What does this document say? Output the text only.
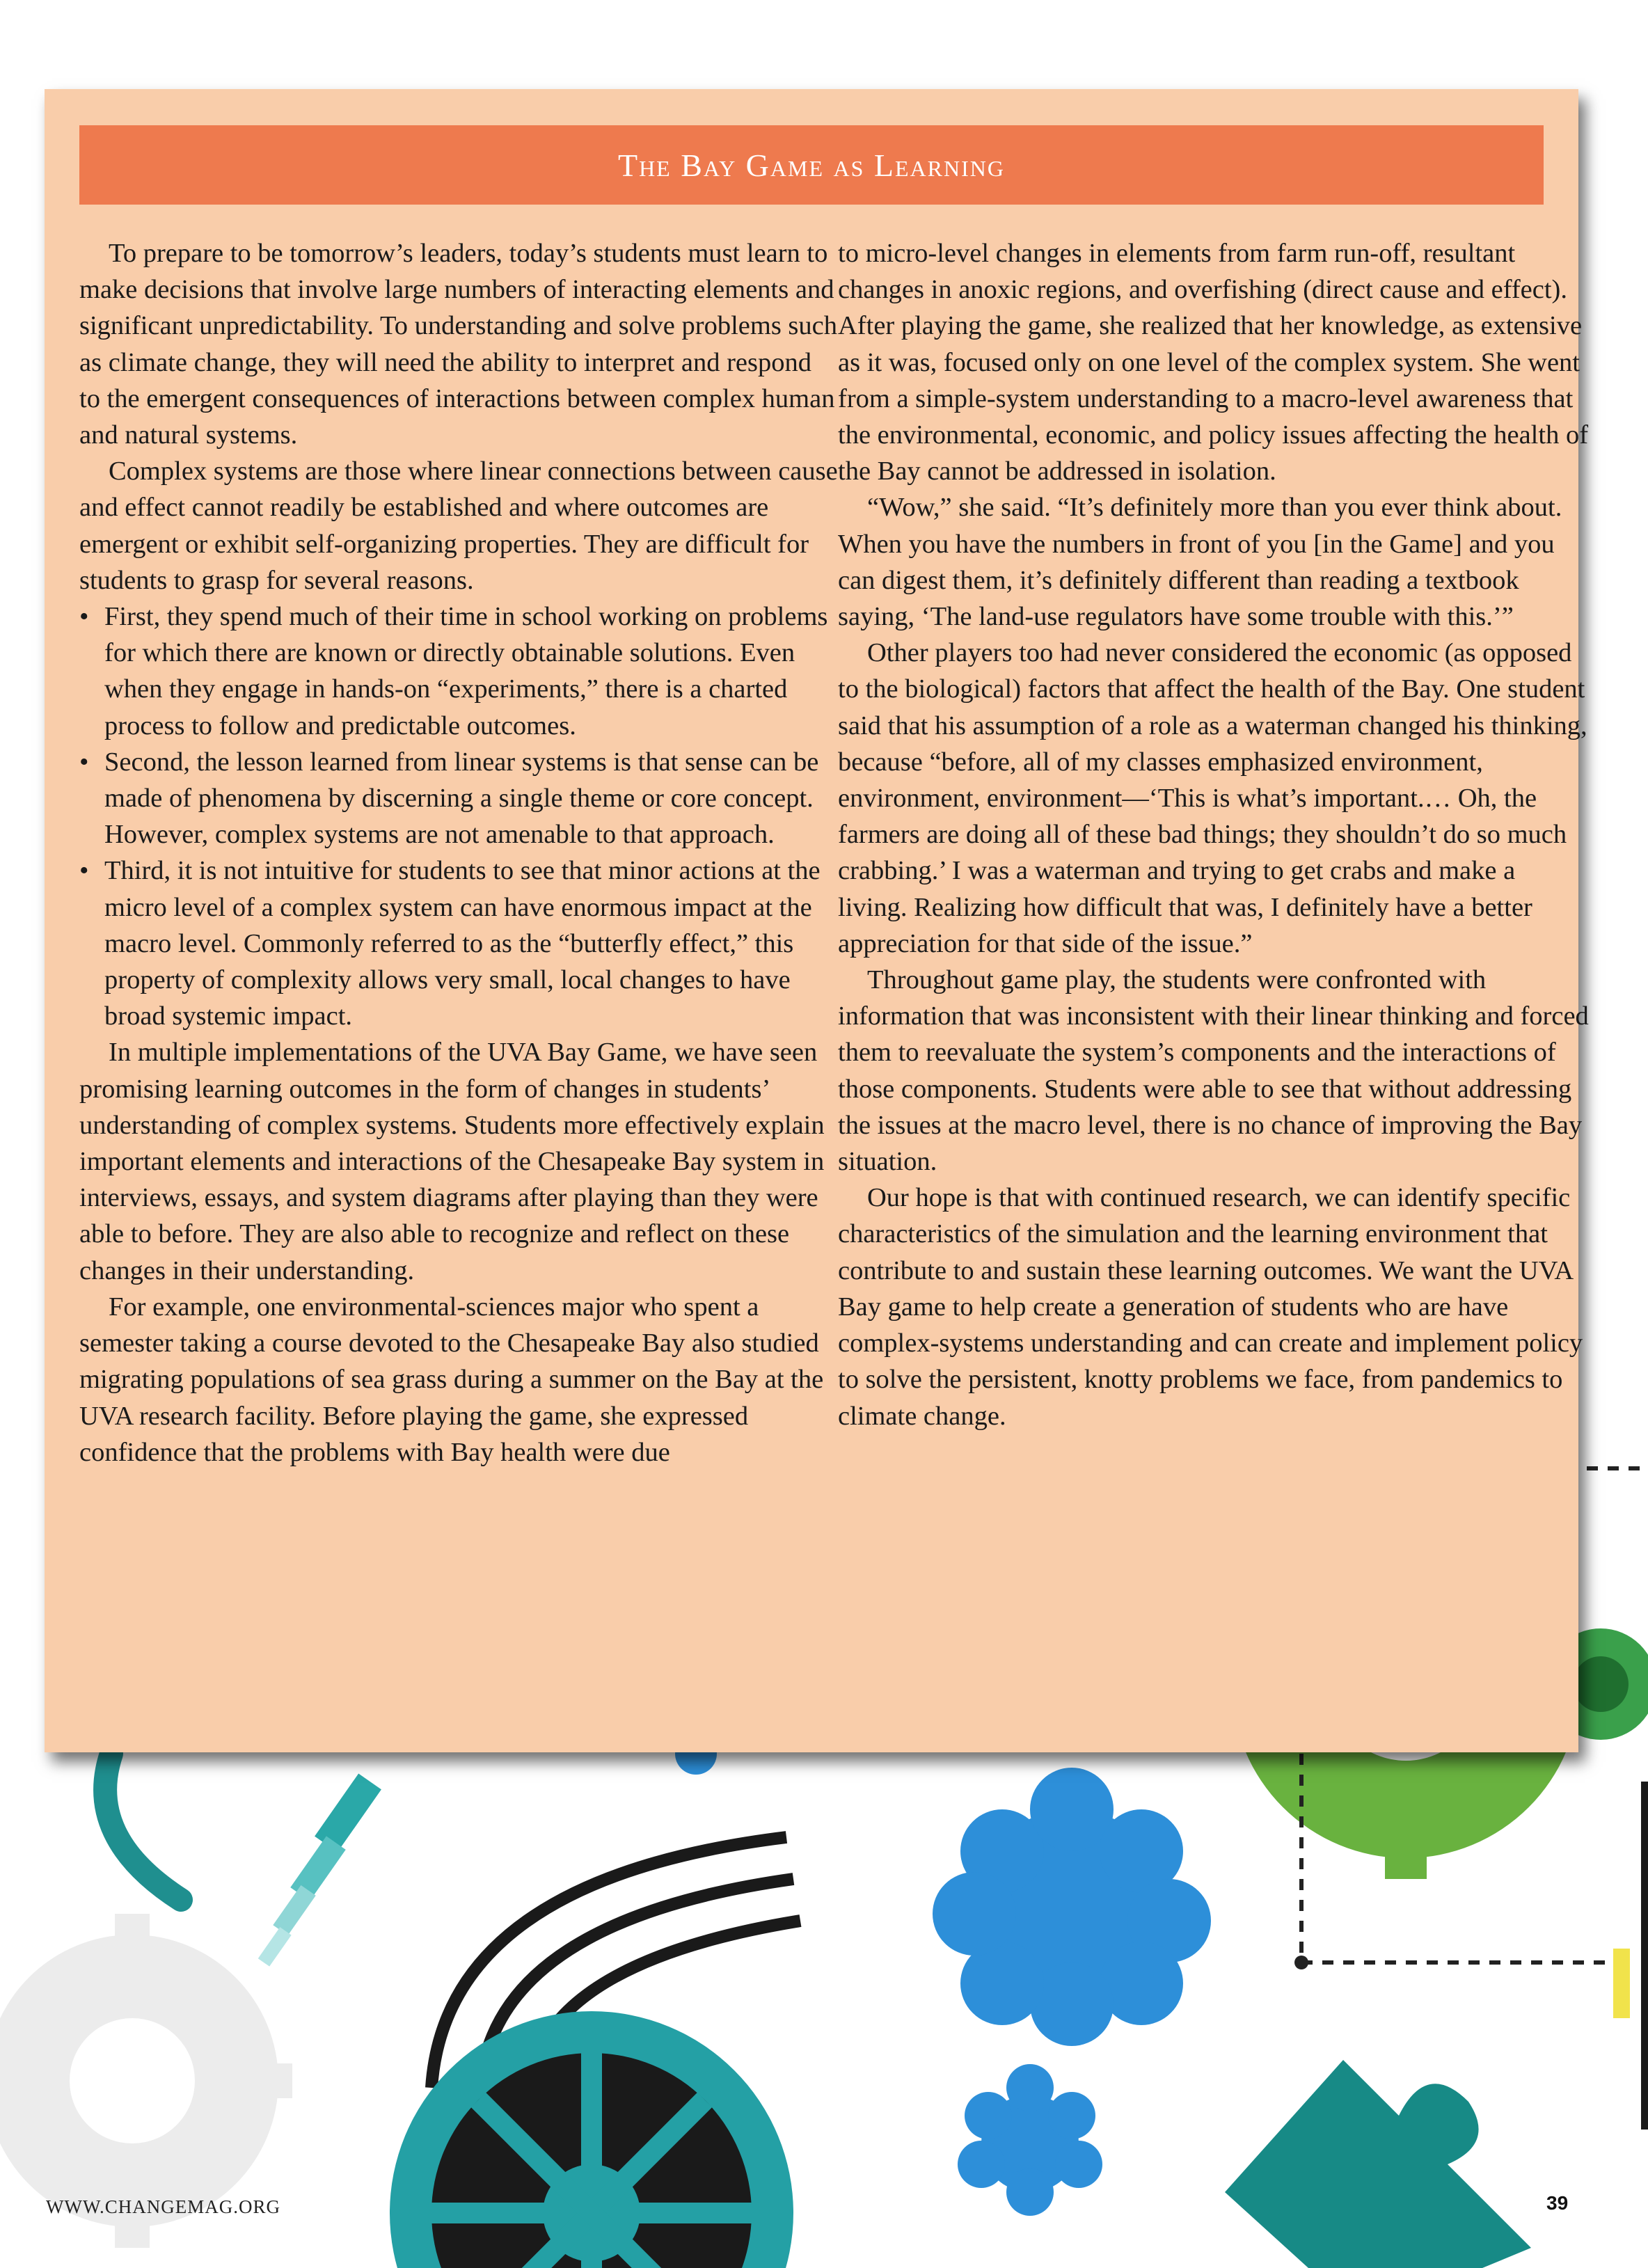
The Bay Game as Learning

To prepare to be tomorrow’s leaders, today’s students must learn to make decisions that involve large numbers of interacting elements and significant unpredictability. To understanding and solve problems such as climate change, they will need the ability to interpret and respond to the emergent consequences of interactions between complex human and natural systems.

Complex systems are those where linear connections between cause and effect cannot readily be established and where outcomes are emergent or exhibit self-organizing properties. They are difficult for students to grasp for several reasons.

• First, they spend much of their time in school working on problems for which there are known or directly obtainable solutions. Even when they engage in hands-on “experiments,” there is a charted process to follow and predictable outcomes.
• Second, the lesson learned from linear systems is that sense can be made of phenomena by discerning a single theme or core concept. However, complex systems are not amenable to that approach.
• Third, it is not intuitive for students to see that minor actions at the micro level of a complex system can have enormous impact at the macro level. Commonly referred to as the “butterfly effect,” this property of complexity allows very small, local changes to have broad systemic impact.

In multiple implementations of the UVA Bay Game, we have seen promising learning outcomes in the form of changes in students’ understanding of complex systems. Students more effectively explain important elements and interactions of the Chesapeake Bay system in interviews, essays, and system diagrams after playing than they were able to before. They are also able to recognize and reflect on these changes in their understanding.

For example, one environmental-sciences major who spent a semester taking a course devoted to the Chesapeake Bay also studied migrating populations of sea grass during a summer on the Bay at the UVA research facility. Before playing the game, she expressed confidence that the problems with Bay health were due

to micro-level changes in elements from farm run-off, resultant changes in anoxic regions, and overfishing (direct cause and effect). After playing the game, she realized that her knowledge, as extensive as it was, focused only on one level of the complex system. She went from a simple-system understanding to a macro-level awareness that the environmental, economic, and policy issues affecting the health of the Bay cannot be addressed in isolation.

“Wow,” she said. “It’s definitely more than you ever think about. When you have the numbers in front of you [in the Game] and you can digest them, it’s definitely different than reading a textbook saying, ‘The land-use regulators have some trouble with this.’”

Other players too had never considered the economic (as opposed to the biological) factors that affect the health of the Bay. One student said that his assumption of a role as a waterman changed his thinking, because “before, all of my classes emphasized environment, environment, environment—‘This is what’s important.… Oh, the farmers are doing all of these bad things; they shouldn’t do so much crabbing.’ I was a waterman and trying to get crabs and make a living. Realizing how difficult that was, I definitely have a better appreciation for that side of the issue.”

Throughout game play, the students were confronted with information that was inconsistent with their linear thinking and forced them to reevaluate the system’s components and the interactions of those components. Students were able to see that without addressing the issues at the macro level, there is no chance of improving the Bay situation.

Our hope is that with continued research, we can identify specific characteristics of the simulation and the learning environment that contribute to and sustain these learning outcomes. We want the UVA Bay game to help create a generation of students who are have complex-systems understanding and can create and implement policy to solve the persistent, knotty problems we face, from pandemics to climate change.

WWW.CHANGEMAG.ORG	39
